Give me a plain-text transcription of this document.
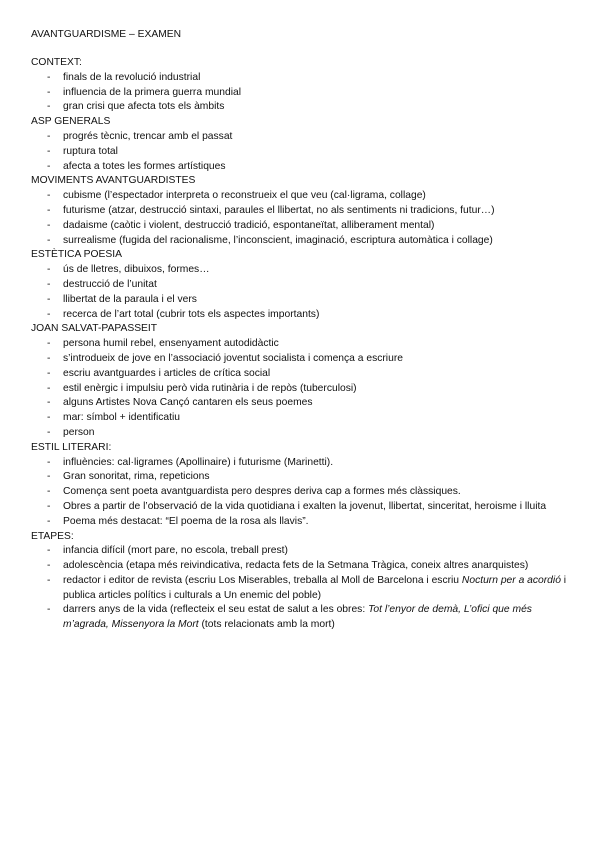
AVANTGUARDISME – EXAMEN
CONTEXT:
- finals de la revolució industrial
- influencia de la primera guerra mundial
- gran crisi que afecta tots els àmbits
ASP GENERALS
- progrés tècnic, trencar amb el passat
- ruptura total
- afecta a totes les formes artístiques
MOVIMENTS AVANTGUARDISTES
- cubisme (l’espectador interpreta o reconstrueix el que veu (cal·ligrama, collage)
- futurisme (atzar, destrucció sintaxi, paraules el llibertat, no als sentiments ni tradicions, futur…)
- dadaisme (caòtic i violent, destrucció tradició, espontaneïtat, alliberament mental)
- surrealisme (fugida del racionalisme, l’inconscient, imaginació, escriptura automàtica i collage)
ESTÈTICA POESIA
- ús de lletres, dibuixos, formes…
- destrucció de l’unitat
- llibertat de la paraula i el vers
- recerca de l’art total (cubrir tots els aspectes importants)
JOAN SALVAT-PAPASSEIT
- persona humil rebel, ensenyament autodidàctic
- s’introdueix de jove en l’associació joventut socialista i comença a escriure
- escriu avantguardes i articles de crítica social
- estil enèrgic i impulsiu però vida rutinària i de repòs (tuberculosi)
- alguns Artistes Nova Cançó cantaren els seus poemes
- mar: símbol + identificatiu
- person
ESTIL LITERARI:
- influències: cal·ligrames (Apollinaire) i futurisme (Marinetti).
- Gran sonoritat, rima, repeticions
- Comença sent poeta avantguardista pero despres deriva cap a formes més clàssiques.
- Obres a partir de l’observació de la vida quotidiana i exalten la jovenut, llibertat, sinceritat, heroisme i lluita
- Poema més destacat: “El poema de la rosa als llavis”.
ETAPES:
- infancia difícil (mort pare, no escola, treball prest)
- adolescència (etapa més reivindicativa, redacta fets de la Setmana Tràgica, coneix altres anarquistes)
- redactor i editor de revista (escriu Los Miserables, treballa al Moll de Barcelona i escriu Nocturn per a acordió i publica articles polítics i culturals a Un enemic del poble)
- darrers anys de la vida (reflecteix el seu estat de salut a les obres: Tot l’enyor de demà, L’ofici que més m’agrada, Missenyora la Mort (tots relacionats amb la mort)
